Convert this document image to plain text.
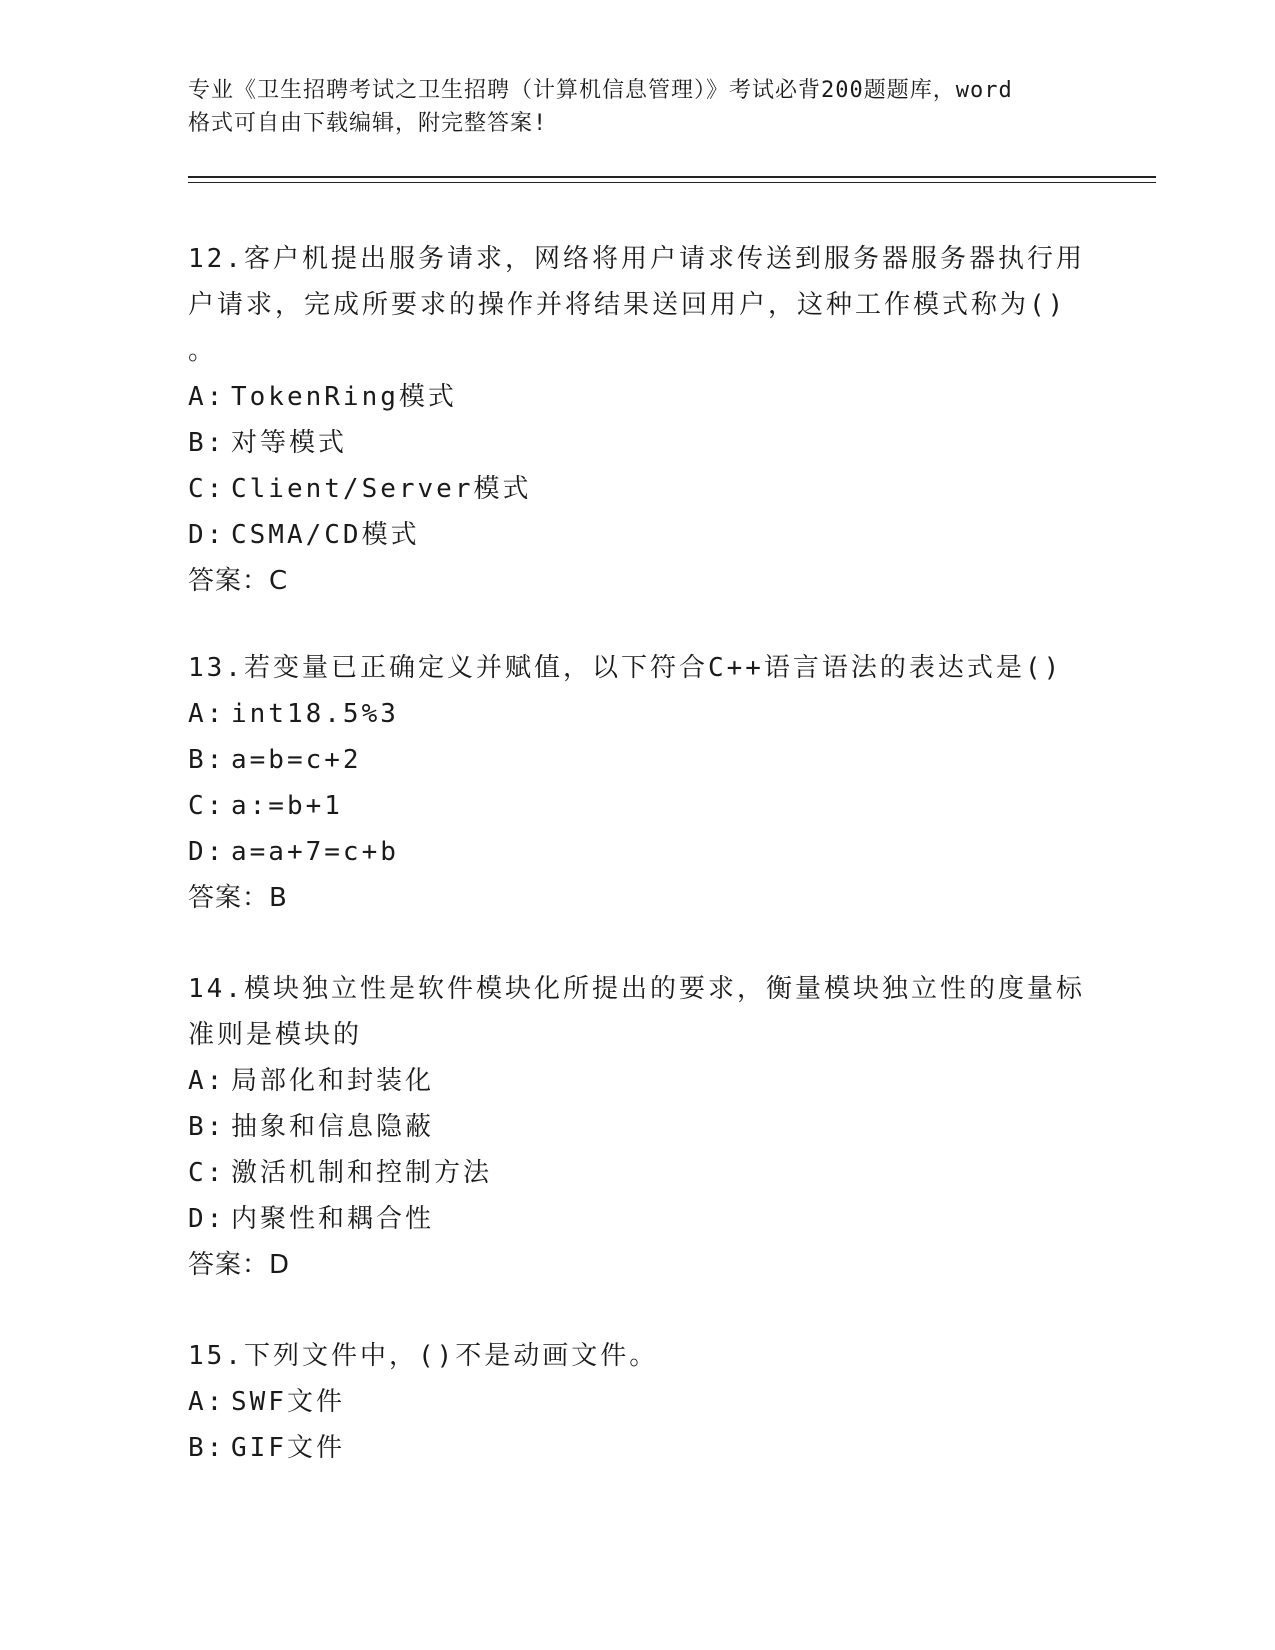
专业《卫生招聘考试之卫生招聘（计算机信息管理）》考试必背200题题库，word
格式可自由下载编辑，附完整答案!
12.客户机提出服务请求，网络将用户请求传送到服务器服务器执行用
户请求，完成所要求的操作并将结果送回用户，这种工作模式称为()
。
A: TokenRing模式
B: 对等模式
C: Client/Server模式
D: CSMA/CD模式
答案：C
13.若变量已正确定义并赋值，以下符合C++语言语法的表达式是()
A: int18.5%3
B: a=b=c+2
C: a:=b+1
D: a=a+7=c+b
答案：B
14.模块独立性是软件模块化所提出的要求，衡量模块独立性的度量标
准则是模块的
A: 局部化和封装化
B: 抽象和信息隐蔽
C: 激活机制和控制方法
D: 内聚性和耦合性
答案：D
15.下列文件中，()不是动画文件。
A: SWF文件
B: GIF文件
